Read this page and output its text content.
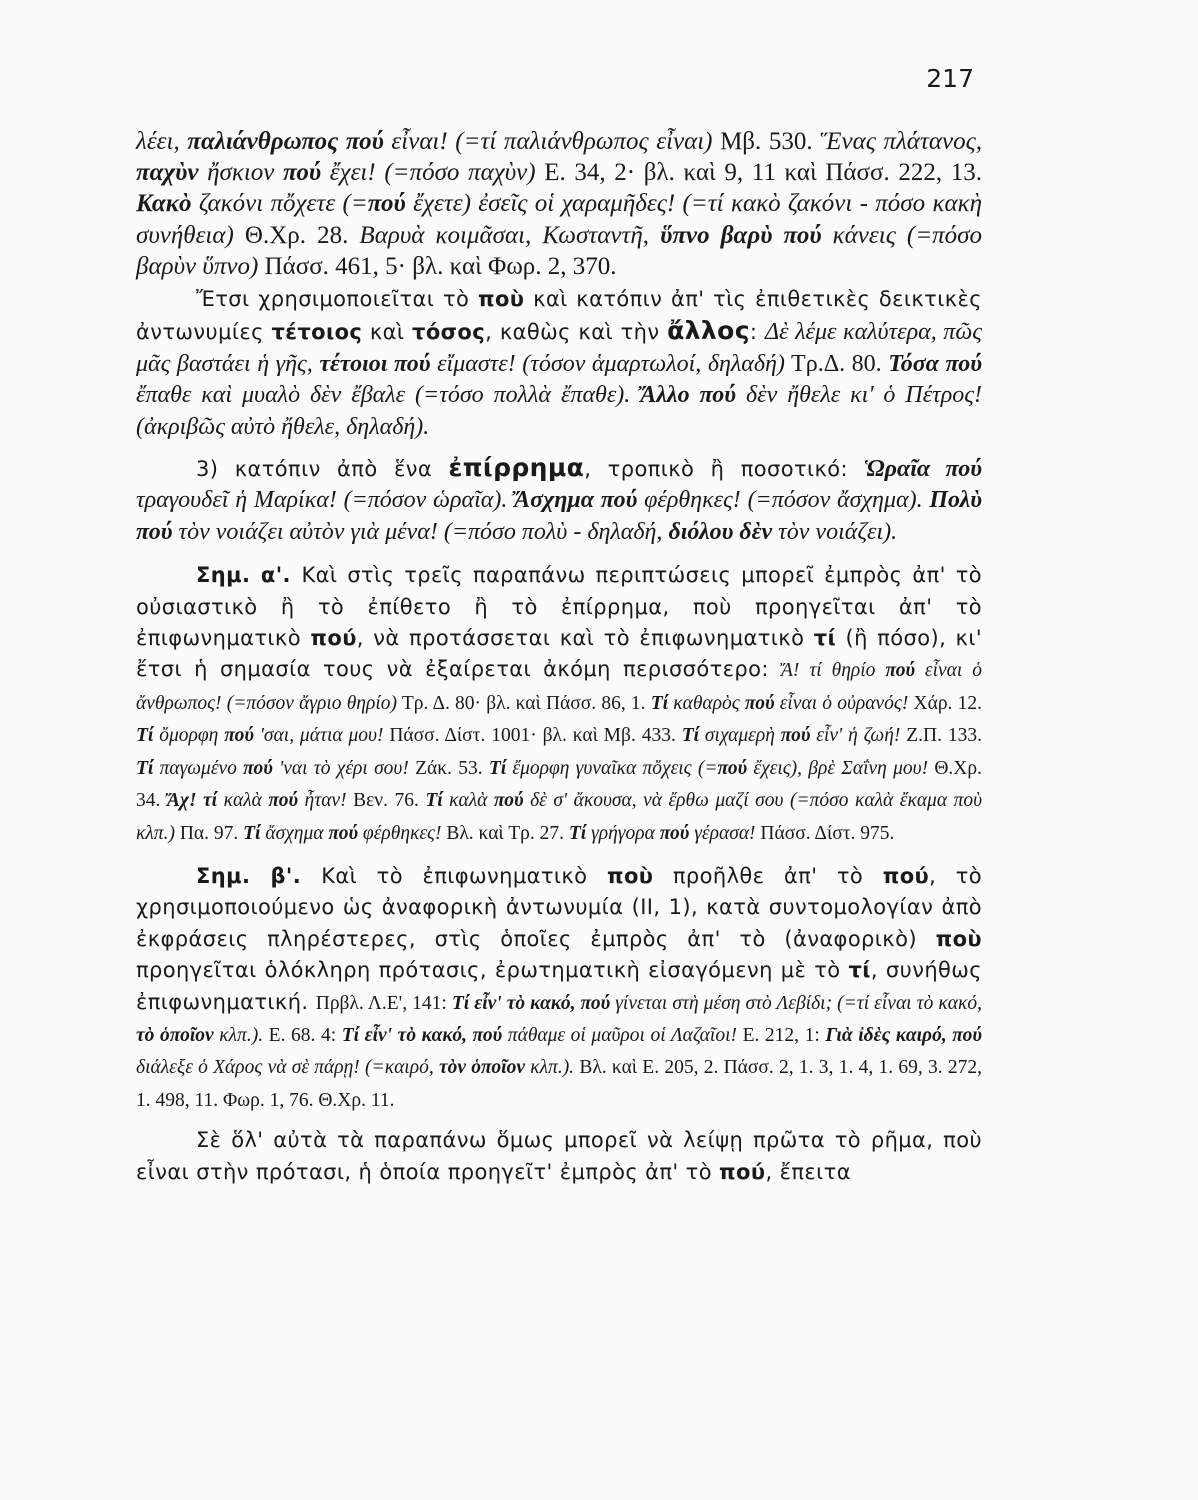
217

λέει, παλιάνθρωπος πού εἶναι! (=τί παλιάνθρωπος εἶναι) Μβ. 530. Ἕνας πλάτανος, παχὺν ἤσκιον πού ἔχει! (=πόσο παχὺν) Ε. 34, 2· βλ. καὶ 9, 11 καὶ Πάσσ. 222, 13. Κακὸ ζακόνι πὄχετε (=πού ἔχετε) ἐσεῖς οἱ χαραμῆδες! (=τί κακὸ ζακόνι - πόσο κακὴ συνήθεια) Θ.Χρ. 28. Βαρυὰ κοιμᾶσαι, Κωσταντῆ, ὕπνο βαρὺ πού κάνεις (=πόσο βαρὺν ὕπνο) Πάσσ. 461, 5· βλ. καὶ Φωρ. 2, 370.

Ἔτσι χρησιμοποιεῖται τὸ ποὺ καὶ κατόπιν ἀπ' τὶς ἐπιθετικὲς δεικτικὲς ἀντωνυμίες τέτοιος καὶ τόσος, καθὼς καὶ τὴν ἄλλος: Δὲ λέμε καλύτερα, πῶς μᾶς βαστάει ἡ γῆς, τέτοιοι πού εἴμαστε! (τόσον ἁμαρτωλοί, δηλαδή) Τρ.Δ. 80. Τόσα πού ἔπαθε καὶ μυαλὸ δὲν ἔβαλε (=τόσο πολλὰ ἔπαθε). Ἄλλο πού δὲν ἤθελε κι' ὁ Πέτρος! (ἀκριβῶς αὐτὸ ἤθελε, δηλαδή).

3) κατόπιν ἀπὸ ἕνα ἐπίρρημα, τροπικὸ ἢ ποσοτικό: Ὡραῖα πού τραγουδεῖ ἡ Μαρίκα! (=πόσον ὡραῖα). Ἄσχημα πού φέρθηκες! (=πόσον ἄσχημα). Πολὺ πού τὸν νοιάζει αὐτὸν γιὰ μένα! (=πόσο πολὺ - δηλαδή, διόλου δὲν τὸν νοιάζει).

Σημ. α'. Καὶ στὶς τρεῖς παραπάνω περιπτώσεις μπορεῖ ἐμπρὸς ἀπ' τὸ οὐσιαστικὸ ἢ τὸ ἐπίθετο ἢ τὸ ἐπίρρημα, ποὺ προηγεῖται ἀπ' τὸ ἐπιφωνηματικὸ πού, νὰ προτάσσεται καὶ τὸ ἐπιφωνηματικὸ τί (ἢ πόσο), κι' ἔτσι ἡ σημασία τους νὰ ἐξαίρεται ἀκόμη περισσότερο: Ἄ! τί θηρίο πού εἶναι ὁ ἄνθρωπος! (=πόσον ἄγριο θηρίο) Τρ. Δ. 80· βλ. καὶ Πάσσ. 86, 1. Τί καθαρὸς πού εἶναι ὁ οὐρανός! Χάρ. 12. Τί ὄμορφη πού 'σαι, μάτια μου! Πάσσ. Δίστ. 1001· βλ. καὶ Μβ. 433. Τί σιχαμερὴ πού εἶν' ἡ ζωή! Ζ.Π. 133. Τί παγωμένο πού 'ναι τὸ χέρι σου! Ζάκ. 53. Τί ἔμορφη γυναῖκα πὄχεις (=πού ἔχεις), βρὲ Σαΐνη μου! Θ.Χρ. 34. Ἄχ! τί καλὰ πού ἦταν! Βεν. 76. Τί καλὰ πού δὲ σ' ἄκουσα, νὰ ἔρθω μαζί σου (=πόσο καλὰ ἔκαμα ποὺ κλπ.) Πα. 97. Τί ἄσχημα πού φέρθηκες! Βλ. καὶ Τρ. 27. Τί γρήγορα πού γέρασα! Πάσσ. Δίστ. 975.

Σημ. β'. Καὶ τὸ ἐπιφωνηματικὸ ποὺ προῆλθε ἀπ' τὸ πού, τὸ χρησιμοποιούμενο ὡς ἀναφορικὴ ἀντωνυμία (ΙΙ, 1), κατὰ συντομολογίαν ἀπὸ ἐκφράσεις πληρέστερες, στὶς ὁποῖες ἐμπρὸς ἀπ' τὸ (ἀναφορικὸ) ποὺ προηγεῖται ὁλόκληρη πρότασις, ἐρωτηματικὴ εἰσαγόμενη μὲ τὸ τί, συνήθως ἐπιφωνηματική. Πρβλ. Λ.Ε', 141: Τί εἶν' τὸ κακό, πού γίνεται στὴ μέση στὸ Λεβίδι; (=τί εἶναι τὸ κακό, τὸ ὁποῖον κλπ.). Ε. 68. 4: Τί εἶν' τὸ κακό, πού πάθαμε οἱ μαῦροι οἱ Λαζαῖοι! Ε. 212, 1: Γιὰ ἰδὲς καιρό, πού διάλεξε ὁ Χάρος νὰ σὲ πάρῃ! (=καιρό, τὸν ὁποῖον κλπ.). Βλ. καὶ Ε. 205, 2. Πάσσ. 2, 1. 3, 1. 4, 1. 69, 3. 272, 1. 498, 11. Φωρ. 1, 76. Θ.Χρ. 11.

Σὲ ὅλ' αὐτὰ τὰ παραπάνω ὅμως μπορεῖ νὰ λείψῃ πρῶτα τὸ ρῆμα, ποὺ εἶναι στὴν πρότασι, ἡ ὁποία προηγεῖτ' ἐμπρὸς ἀπ' τὸ πού, ἔπειτα
